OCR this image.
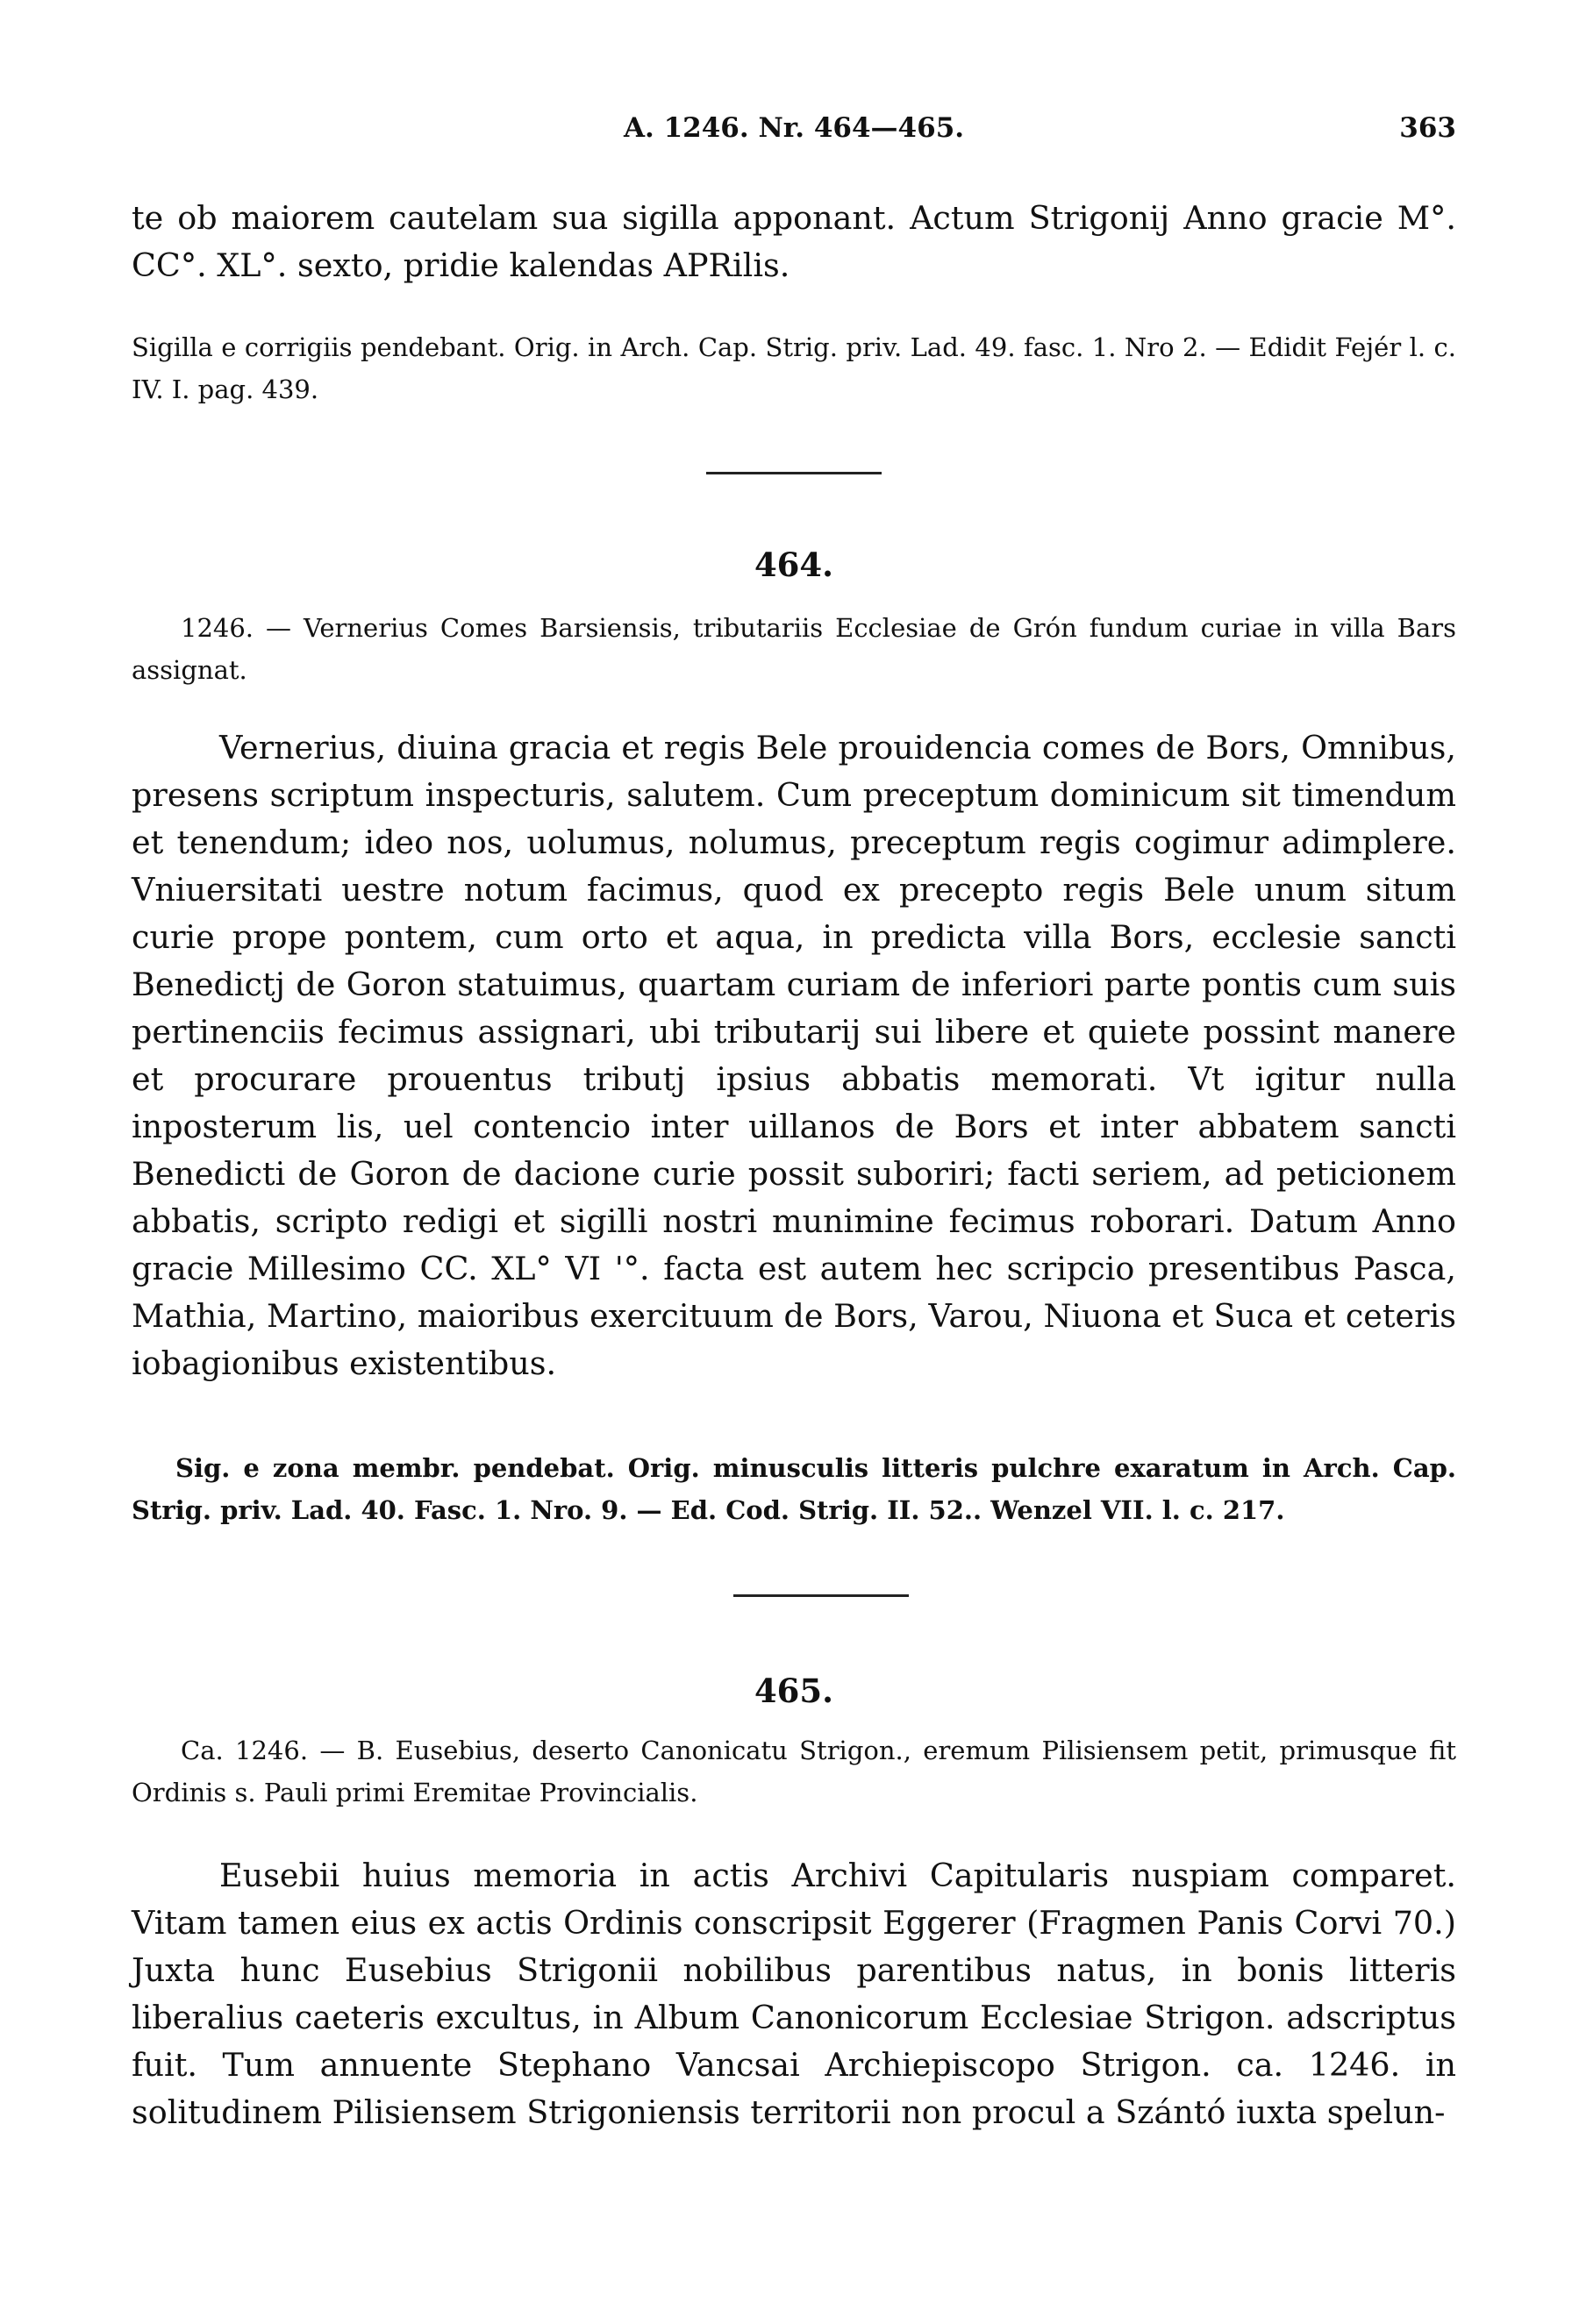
A. 1246. Nr. 464—465.	363

te ob maiorem cautelam sua sigilla apponant. Actum Strigonij Anno gracie M°. CC°. XL°. sexto, pridie kalendas APRilis.

Sigilla e corrigiis pendebant. Orig. in Arch. Cap. Strig. priv. Lad. 49. fasc. 1. Nro 2. — Edidit Fejér l. c. IV. I. pag. 439.

464.

1246. — Vernerius Comes Barsiensis, tributariis Ecclesiae de Grón fundum curiae in villa Bars assignat.

Vernerius, diuina gracia et regis Bele prouidencia comes de Bors, Omnibus, presens scriptum inspecturis, salutem. Cum preceptum dominicum sit timendum et tenendum; ideo nos, uolumus, nolumus, preceptum regis cogimur adimplere. Vniuersitati uestre notum facimus, quod ex precepto regis Bele unum situm curie prope pontem, cum orto et aqua, in predicta villa Bors, ecclesie sancti Benedictj de Goron statuimus, quartam curiam de inferiori parte pontis cum suis pertinenciis fecimus assignari, ubi tributarij sui libere et quiete possint manere et procurare prouentus tributj ipsius abbatis memorati. Vt igitur nulla inposterum lis, uel contencio inter uillanos de Bors et inter abbatem sancti Benedicti de Goron de dacione curie possit suboriri; facti seriem, ad peticionem abbatis, scripto redigi et sigilli nostri munimine fecimus roborari. Datum Anno gracie Millesimo CC. XL° VI '°. facta est autem hec scripcio presentibus Pasca, Mathia, Martino, maioribus exercituum de Bors, Varou, Niuona et Suca et ceteris iobagionibus existentibus.

Sig. e zona membr. pendebat. Orig. minusculis litteris pulchre exaratum in Arch. Cap. Strig. priv. Lad. 40. Fasc. 1. Nro. 9. — Ed. Cod. Strig. II. 52.. Wenzel VII. l. c. 217.

465.

Ca. 1246. — B. Eusebius, deserto Canonicatu Strigon., eremum Pilisiensem petit, primusque fit Ordinis s. Pauli primi Eremitae Provincialis.

Eusebii huius memoria in actis Archivi Capitularis nuspiam comparet. Vitam tamen eius ex actis Ordinis conscripsit Eggerer (Fragmen Panis Corvi 70.) Juxta hunc Eusebius Strigonii nobilibus parentibus natus, in bonis litteris liberalius caeteris excultus, in Album Canonicorum Ecclesiae Strigon. adscriptus fuit. Tum annuente Stephano Vancsai Archiepiscopo Strigon. ca. 1246. in solitudinem Pilisiensem Strigoniensis territorii non procul a Szántó iuxta spelun-
